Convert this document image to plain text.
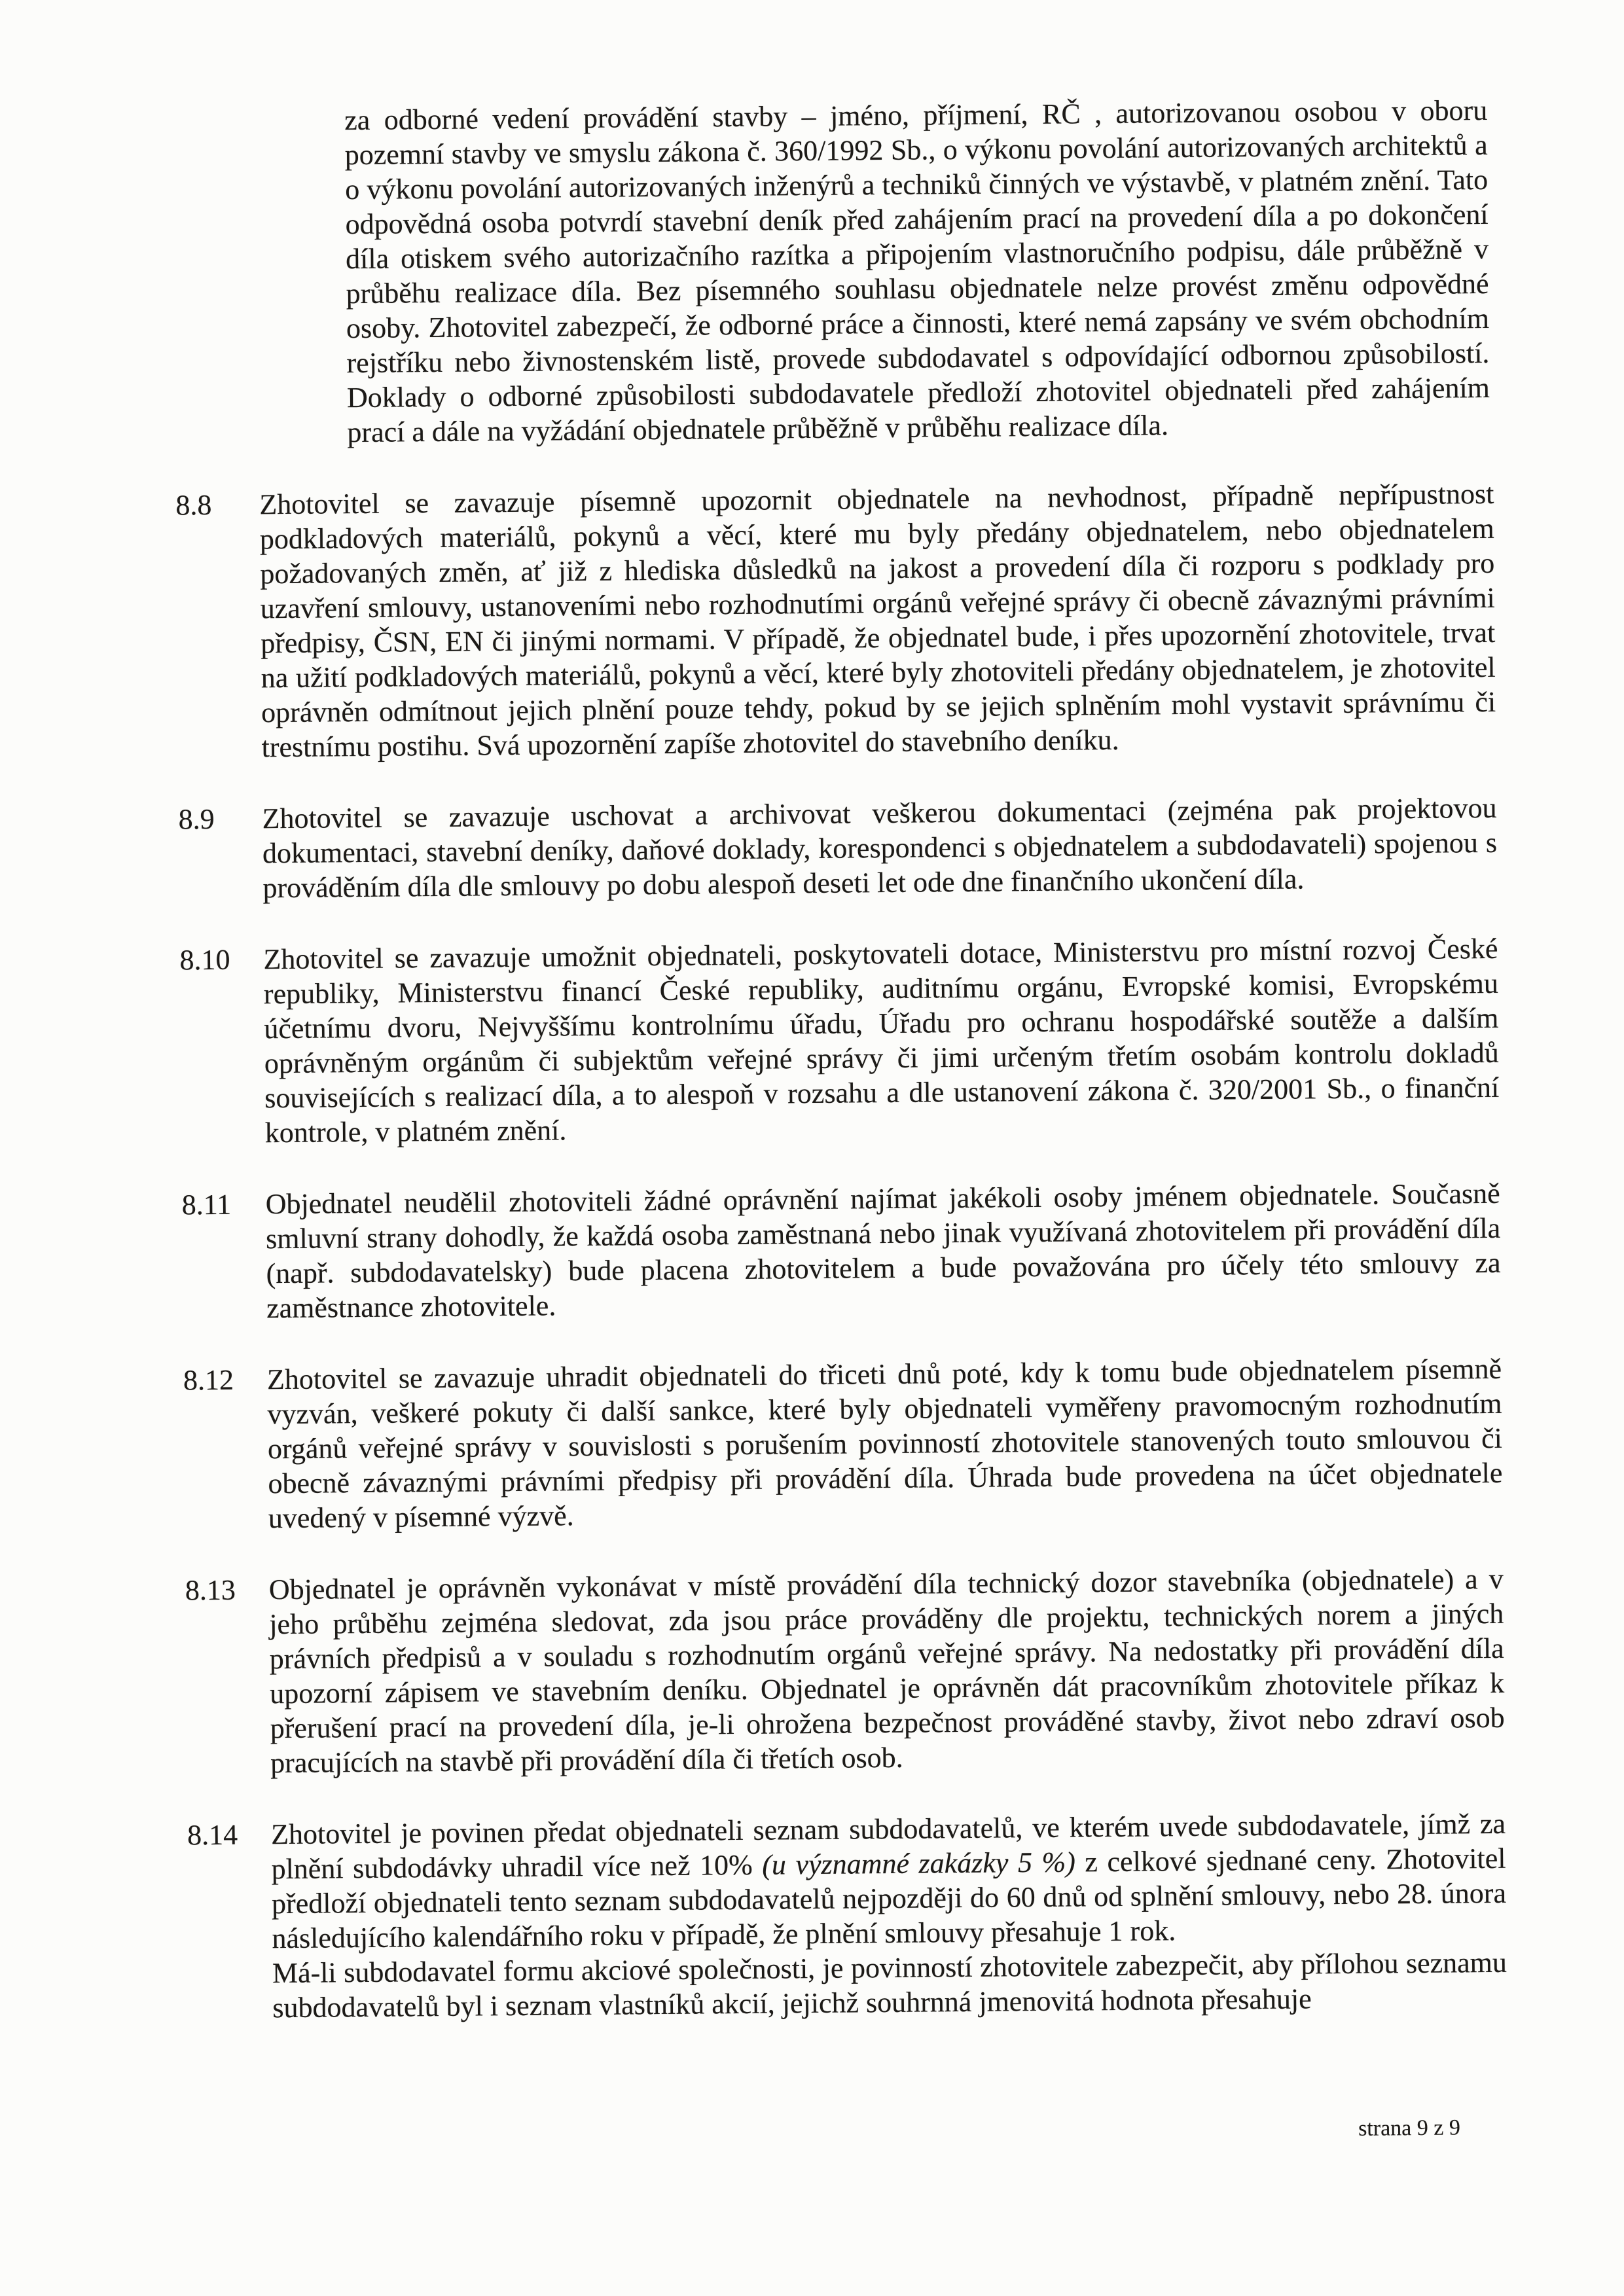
za odborné vedení provádění stavby – jméno, příjmení, RČ , autorizovanou osobou v oboru pozemní stavby ve smyslu zákona č. 360/1992 Sb., o výkonu povolání autorizovaných architektů a o výkonu povolání autorizovaných inženýrů a techniků činných ve výstavbě, v platném znění. Tato odpovědná osoba potvrdí stavební deník před zahájením prací na provedení díla a po dokončení díla otiskem svého autorizačního razítka a připojením vlastnoručního podpisu, dále průběžně v průběhu realizace díla. Bez písemného souhlasu objednatele nelze provést změnu odpovědné osoby. Zhotovitel zabezpečí, že odborné práce a činnosti, které nemá zapsány ve svém obchodním rejstříku nebo živnostenském listě, provede subdodavatel s odpovídající odbornou způsobilostí. Doklady o odborné způsobilosti subdodavatele předloží zhotovitel objednateli před zahájením prací a dále na vyžádání objednatele průběžně v průběhu realizace díla.

8.8	Zhotovitel se zavazuje písemně upozornit objednatele na nevhodnost, případně nepřípustnost podkladových materiálů, pokynů a věcí, které mu byly předány objednatelem, nebo objednatelem požadovaných změn, ať již z hlediska důsledků na jakost a provedení díla či rozporu s podklady pro uzavření smlouvy, ustanoveními nebo rozhodnutími orgánů veřejné správy či obecně závaznými právními předpisy, ČSN, EN či jinými normami. V případě, že objednatel bude, i přes upozornění zhotovitele, trvat na užití podkladových materiálů, pokynů a věcí, které byly zhotoviteli předány objednatelem, je zhotovitel oprávněn odmítnout jejich plnění pouze tehdy, pokud by se jejich splněním mohl vystavit správnímu či trestnímu postihu. Svá upozornění zapíše zhotovitel do stavebního deníku.

8.9	Zhotovitel se zavazuje uschovat a archivovat veškerou dokumentaci (zejména pak projektovou dokumentaci, stavební deníky, daňové doklady, korespondenci s objednatelem a subdodavateli) spojenou s prováděním díla dle smlouvy po dobu alespoň deseti let ode dne finančního ukončení díla.

8.10	Zhotovitel se zavazuje umožnit objednateli, poskytovateli dotace, Ministerstvu pro místní rozvoj České republiky, Ministerstvu financí České republiky, auditnímu orgánu, Evropské komisi, Evropskému účetnímu dvoru, Nejvyššímu kontrolnímu úřadu, Úřadu pro ochranu hospodářské soutěže a dalším oprávněným orgánům či subjektům veřejné správy či jimi určeným třetím osobám kontrolu dokladů souvisejících s realizací díla, a to alespoň v rozsahu a dle ustanovení zákona č. 320/2001 Sb., o finanční kontrole, v platném znění.

8.11	Objednatel neudělil zhotoviteli žádné oprávnění najímat jakékoli osoby jménem objednatele. Současně smluvní strany dohodly, že každá osoba zaměstnaná nebo jinak využívaná zhotovitelem při provádění díla (např. subdodavatelsky) bude placena zhotovitelem a bude považována pro účely této smlouvy za zaměstnance zhotovitele.

8.12	Zhotovitel se zavazuje uhradit objednateli do třiceti dnů poté, kdy k tomu bude objednatelem písemně vyzván, veškeré pokuty či další sankce, které byly objednateli vyměřeny pravomocným rozhodnutím orgánů veřejné správy v souvislosti s porušením povinností zhotovitele stanovených touto smlouvou či obecně závaznými právními předpisy při provádění díla. Úhrada bude provedena na účet objednatele uvedený v písemné výzvě.

8.13	Objednatel je oprávněn vykonávat v místě provádění díla technický dozor stavebníka (objednatele) a v jeho průběhu zejména sledovat, zda jsou práce prováděny dle projektu, technických norem a jiných právních předpisů a v souladu s rozhodnutím orgánů veřejné správy. Na nedostatky při provádění díla upozorní zápisem ve stavebním deníku. Objednatel je oprávněn dát pracovníkům zhotovitele příkaz k přerušení prací na provedení díla, je-li ohrožena bezpečnost prováděné stavby, život nebo zdraví osob pracujících na stavbě při provádění díla či třetích osob.

8.14	Zhotovitel je povinen předat objednateli seznam subdodavatelů, ve kterém uvede subdodavatele, jímž za plnění subdodávky uhradil více než 10% (u významné zakázky 5 %) z celkové sjednané ceny. Zhotovitel předloží objednateli tento seznam subdodavatelů nejpozději do 60 dnů od splnění smlouvy, nebo 28. února následujícího kalendářního roku v případě, že plnění smlouvy přesahuje 1 rok.

Má-li subdodavatel formu akciové společnosti, je povinností zhotovitele zabezpečit, aby přílohou seznamu subdodavatelů byl i seznam vlastníků akcií, jejichž souhrnná jmenovitá hodnota přesahuje

strana 9 z 9
